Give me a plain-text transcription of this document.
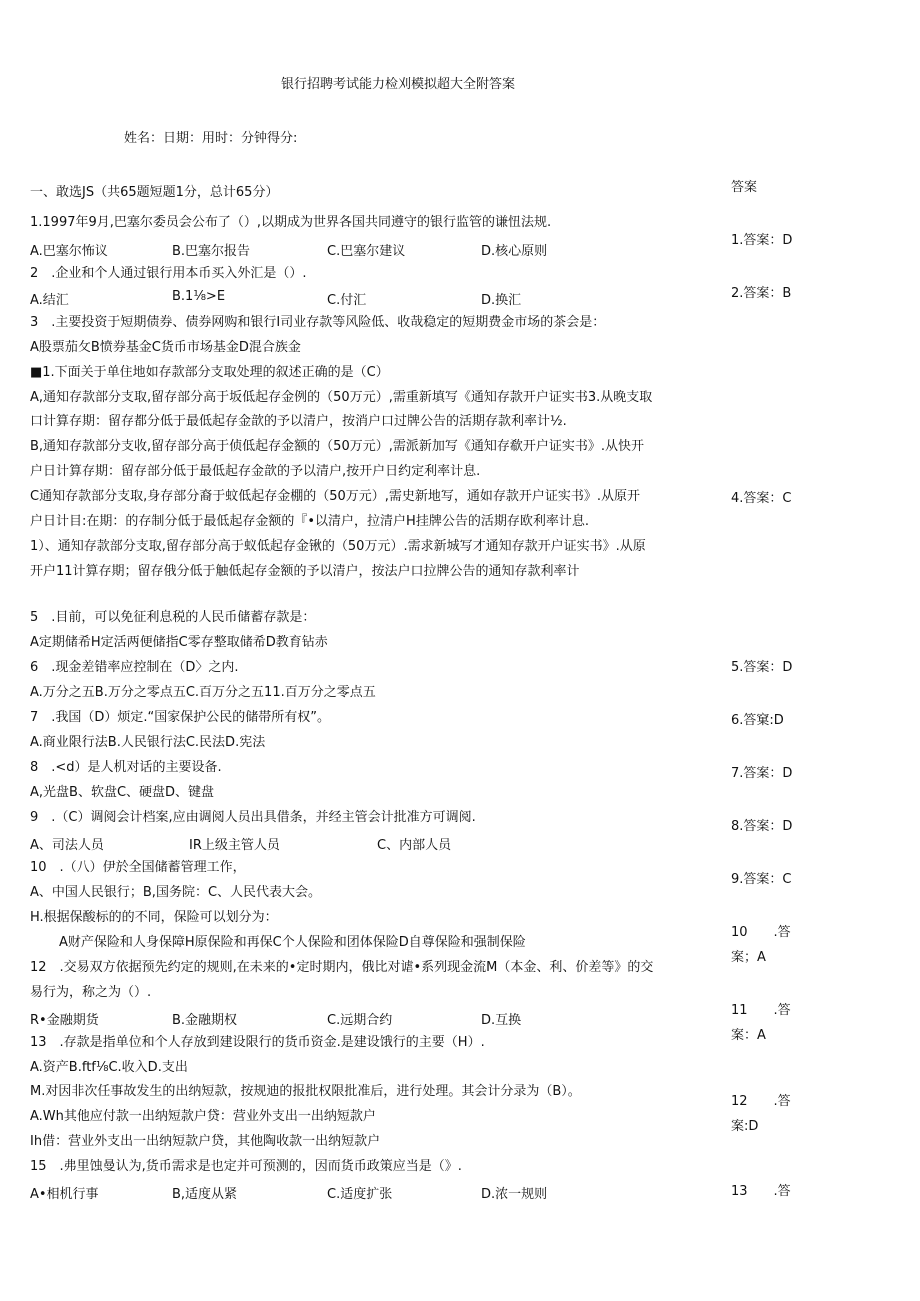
银行招聘考试能力检刈模拟超大全附答案
姓名：日期：用时：分钟得分:
一、敢选JS（共65题短题1分，总计65分）	答案
1.1997年9月,巴塞尔委员会公布了（）,以期成为世界各国共同遵守的银行监管的谦忸法规.
A.巴塞尔怖议	B.巴塞尔报告	C.巴塞尔建议	D.核心原则
2　.企业和个人通过银行用本币买入外汇是（）.
A.结汇	B.1⅛>E	C.付汇	D.换汇
3　.主要投资于短期债券、债券网购和银行I司业存款等风险低、收哉稳定的短期费金市场的茶会是：
A股票茄攵B愤券基金C货币市场基金D混合族金
■1.下面关于单住地如存款部分支取处理的叙述正确的是（C）
A,通知存款部分支取,留存部分高于坂低起存金例的（50万元）,需重新填写《通知存款开户证实书3.从晚支取
口计算存期：留存都分低于最低起存金歆的予以清户，按消户口过牌公告的活期存款利率计½.
B,通知存款部分支收,留存部分高于侦低起存金额的（50万元）,需派新加写《通知存欷开户证实书》.从快开
户日计算存期：留存部分低于最低起存金歆的予以清户,按开户日约定利率计息.
C通知存款部分支取,身存部分裔于蚊低起存金棚的（50万元）,需史新地写，通如存款开户证实书》.从原开
户日计目:在期：的存制分低于最低起存金额的『•以清户，拉清户H挂牌公告的活期存欧利率计息.
1）、通知存款部分支取,留存部分高于蚁低起存金锹的（50万元）.需求新城写才通知存款开户证实书》.从原
开户11计算存期；留存俄分低于触低起存金额的予以清户，按法户口拉牌公告的通知存款利率计
5　.目前，可以免征利息税的人民币储蓄存款是：
A定期储希H定活两便储指C零存整取储希D教育钻赤
6　.现金差错率应控制在（D〉之内.
A.万分之五B.万分之零点五C.百万分之五11.百万分之零点五
7　.我国（D）烦定.“国家保护公民的储帯所有权”。
A.商业限行法B.人民银行法C.民法D.宪法
8　.<d）是人机对话的主要设备.
A,光盘B、软盘C、硬盘D、键盘
9　.（C）调阅会计档案,应由调阅人员出具借条，并经主管会计批准方可调阅.
A、司法人员	IR上级主管人员	C、内部人员
10　.（八）伊於全国储蓄管理工作，
A、中国人民银行；B,国务院：C、人民代表大会。
H.根据保酸标的的不同，保险可以划分为：
A财产保险和人身保障H原保险和再保C个人保险和团体保险D自尊保险和强制保险
12　.交易双方依据预先约定的规则,在未来的•定时期内，俄比对谑•系列现金流M（本金、利、价差等》的交
易行为，称之为（）.
R•金融期货	B.金融期权	C.远期合约	D.互换
13　.存款是指单位和个人存放到建设限行的货币资金.是建设饿行的主要（H）.
A.资产B.ftf⅛C.收入D.支出
M.对因非次任事故发生的出纳短款，按规迪的报批权限批准后，进行处理。其会计分录为（B）。
A.Wh其他应付款一出纳短款户贷：营业外支出一出纳短款户
Ih借：营业外支出一出纳短款户贷，其他陶收款一出纳短款户
15　.弗里蚀曼认为,货币需求是也定并可预测的，因而货币政策应当是（》.
A•相机行事	B,适度从紧	C.适度扩张	D.浓一规则
1.答案：D
2.答案：B
4.答案：C
5.答案：D
6.答窠:D
7.答案：D
8.答案：D
9.答案：C
10　　.答
案；A
11　　.答
案：A
12　　.答
案:D
13　　.答
